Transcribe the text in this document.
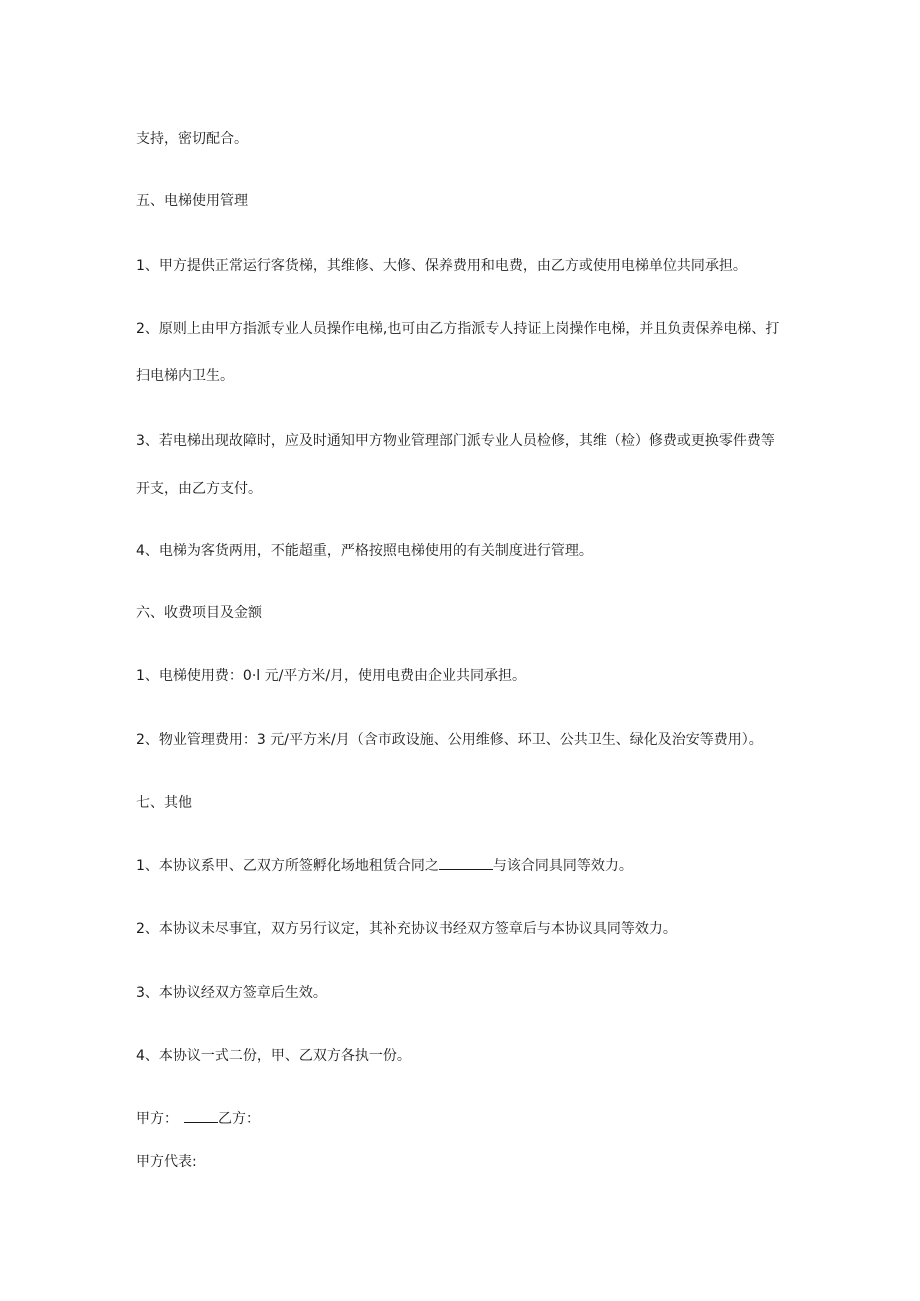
支持，密切配合。
五、电梯使用管理
1、甲方提供正常运行客货梯，其维修、大修、保养费用和电费，由乙方或使用电梯单位共同承担。
2、原则上由甲方指派专业人员操作电梯,也可由乙方指派专人持证上岗操作电梯，并且负责保养电梯、打
扫电梯内卫生。
3、若电梯出现故障时，应及时通知甲方物业管理部门派专业人员检修，其维（检）修费或更换零件费等
开支，由乙方支付。
4、电梯为客货两用，不能超重，严格按照电梯使用的有关制度进行管理。
六、收费项目及金额
1、电梯使用费：0·l 元/平方米/月，使用电费由企业共同承担。
2、物业管理费用：3 元/平方米/月（含市政设施、公用维修、环卫、公共卫生、绿化及治安等费用）。
七、其他
1、本协议系甲、乙双方所签孵化场地租赁合同之	与该合同具同等效力。
2、本协议未尽事宜，双方另行议定，其补充协议书经双方签章后与本协议具同等效力。
3、本协议经双方签章后生效。
4、本协议一式二份，甲、乙双方各执一份。
甲方：	乙方：
甲方代表:
